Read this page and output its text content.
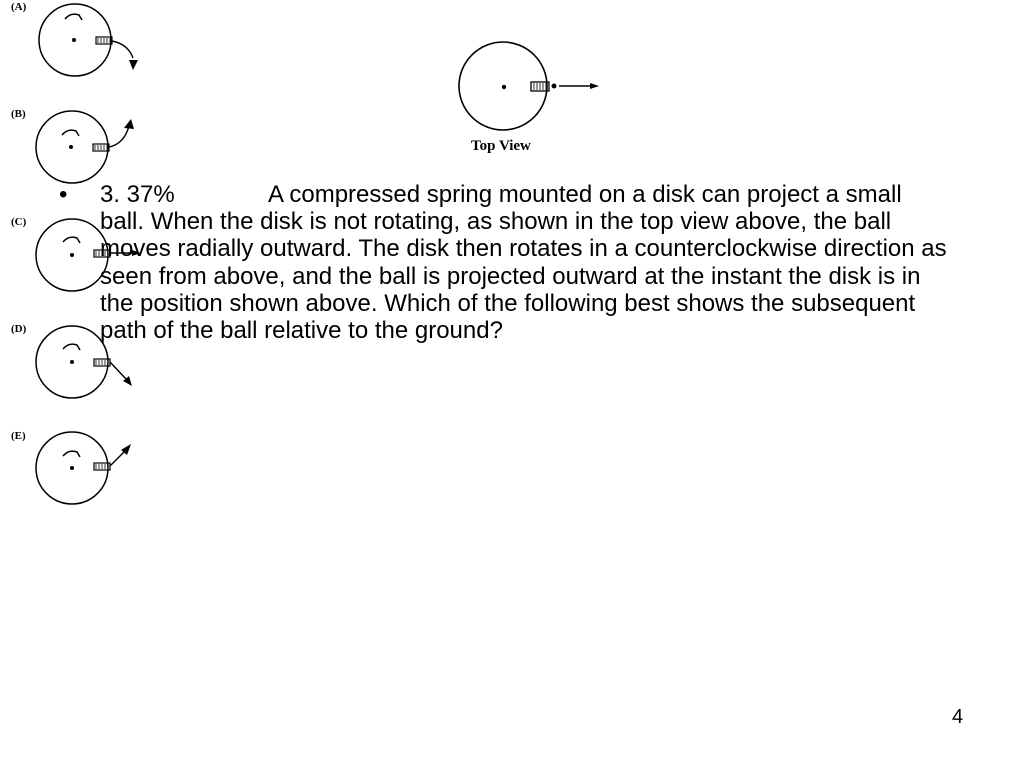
(A)
(B)
(C)
(D)
(E)
Top View
• 3. 37%	A compressed spring mounted on a disk can project a small ball. When the disk is not rotating, as shown in the top view above, the ball moves radially outward. The disk then rotates in a counterclockwise direction as seen from above, and the ball is projected outward at the instant the disk is in the position shown above. Which of the following best shows the subsequent path of the ball relative to the ground?
4
